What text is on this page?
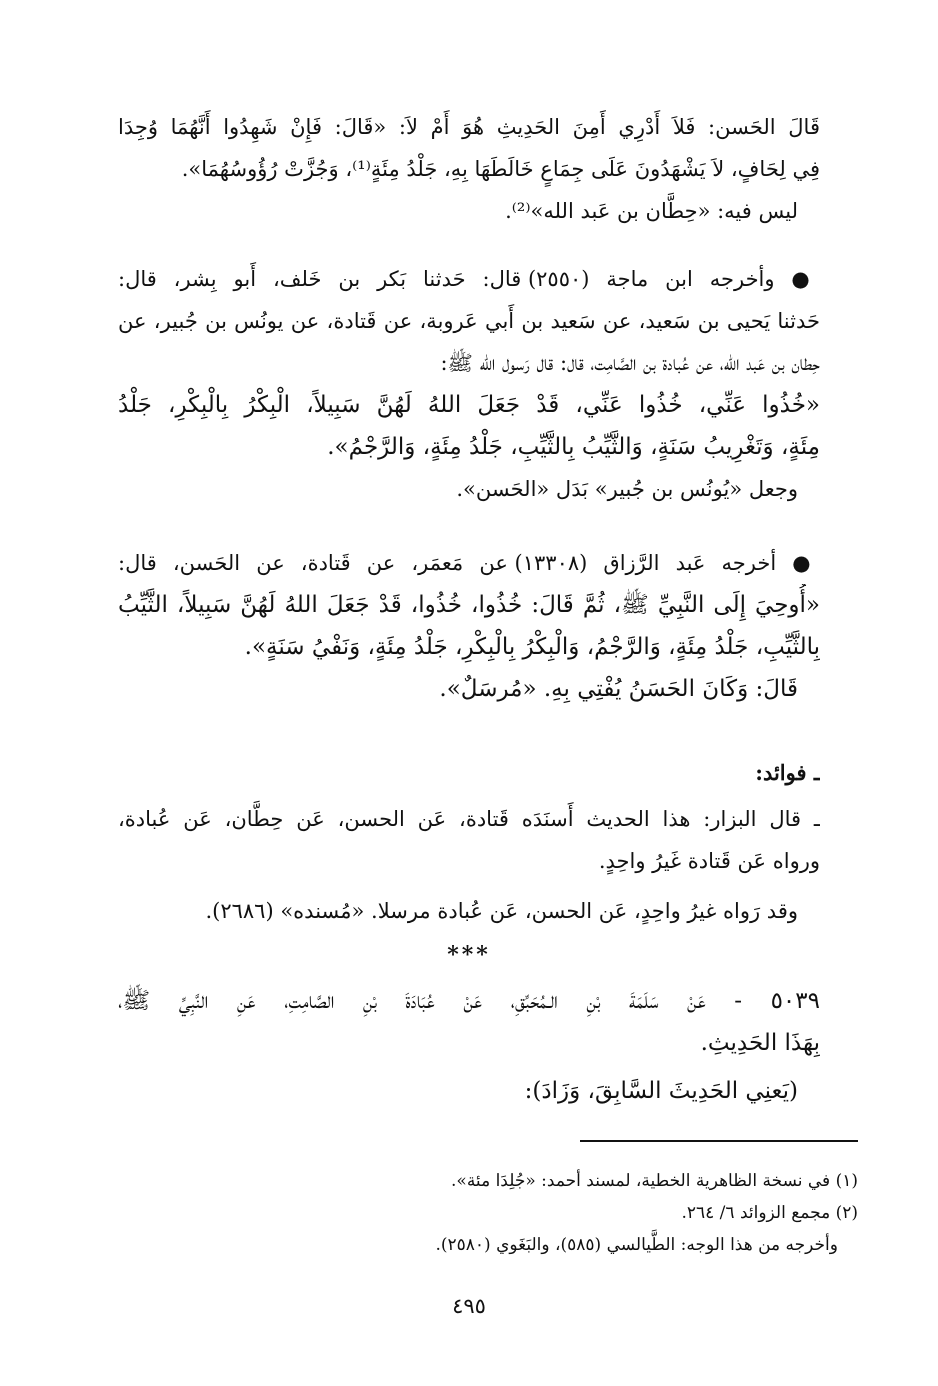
قَالَ الحَسن: فَلاَ أَدْرِي أَمِنَ الحَدِيثِ هُوَ أَمْ لاَ: «قَالَ: فَإِنْ شَهِدُوا أَنَّهُمَا وُجِدَا
فِي لِحَافٍ، لاَ يَشْهَدُونَ عَلَى جِمَاعٍ خَالَطَهَا بِهِ، جَلْدُ مِئَةٍ⁽¹⁾، وَجُزَّتْ رُؤُوسُهُمَا».
ليس فيه: «حِطَّان بن عَبد الله»⁽²⁾.
● وأخرجه ابن ماجة (٢٥٥٠) قال: حَدثنا بَكر بن خَلف، أَبو بِشر، قال:
حَدثنا يَحيى بن سَعيد، عن سَعيد بن أَبي عَروبة، عن قَتادة، عن يونُس بن جُبير، عن
حِطان بن عَبد الله، عن عُبادة بن الصَّامِت، قال: قال رَسول الله ﷺ:
«خُذُوا عَنِّي، خُذُوا عَنِّي، قَدْ جَعَلَ اللهُ لَهُنَّ سَبِيلاً، الْبِكْرُ بِالْبِكْرِ، جَلْدُ
مِئَةٍ، وَتَغْرِيبُ سَنَةٍ، وَالثَّيِّبُ بِالثَّيِّبِ، جَلْدُ مِئَةٍ، وَالرَّجْمُ».
وجعل «يُونُس بن جُبير» بَدَل «الحَسن».
● أخرجه عَبد الرَّزاق (١٣٣٠٨) عن مَعمَر، عن قَتادة، عن الحَسن، قال:
«أُوحِيَ إِلَى النَّبِيِّ ﷺ، ثُمَّ قَالَ: خُذُوا، خُذُوا، قَدْ جَعَلَ اللهُ لَهُنَّ سَبِيلاً، الثَّيِّبُ
بِالثَّيِّبِ، جَلْدُ مِئَةٍ، وَالرَّجْمُ، وَالْبِكْرُ بِالْبِكْرِ، جَلْدُ مِئَةٍ، وَنَفْيُ سَنَةٍ».
قَالَ: وَكَانَ الحَسَنُ يُفْتِي بِهِ. «مُرسَلٌ».
ـ فوائد:
ـ قال البزار: هذا الحديث أَسنَدَه قَتادة، عَن الحسن، عَن حِطَّان، عَن عُبادة،
ورواه عَن قَتادة غَيرُ واحِدٍ.
وقد رَواه غيرُ واحِدٍ، عَن الحسن، عَن عُبادة مرسلا. «مُسنده» (٢٦٨٦).
***
٥٠٣٩ - عَنْ سَلَمَةَ بْنِ الـمُحَبِّقِ، عَنْ عُبَادَةَ بْنِ الصَّامِتِ، عَنِ النَّبِيِّ ﷺ،
بِهَذَا الحَدِيثِ.
(يَعنِي الحَدِيثَ السَّابِقَ، وَزَادَ):
(١) في نسخة الظاهرية الخطية، لمسند أحمد: «جُلِدَا مئة».
(٢) مجمع الزوائد ٦/ ٢٦٤.
وأخرجه من هذا الوجه: الطَّيالسي (٥٨٥)، والبَغَوي (٢٥٨٠).
٤٩٥
